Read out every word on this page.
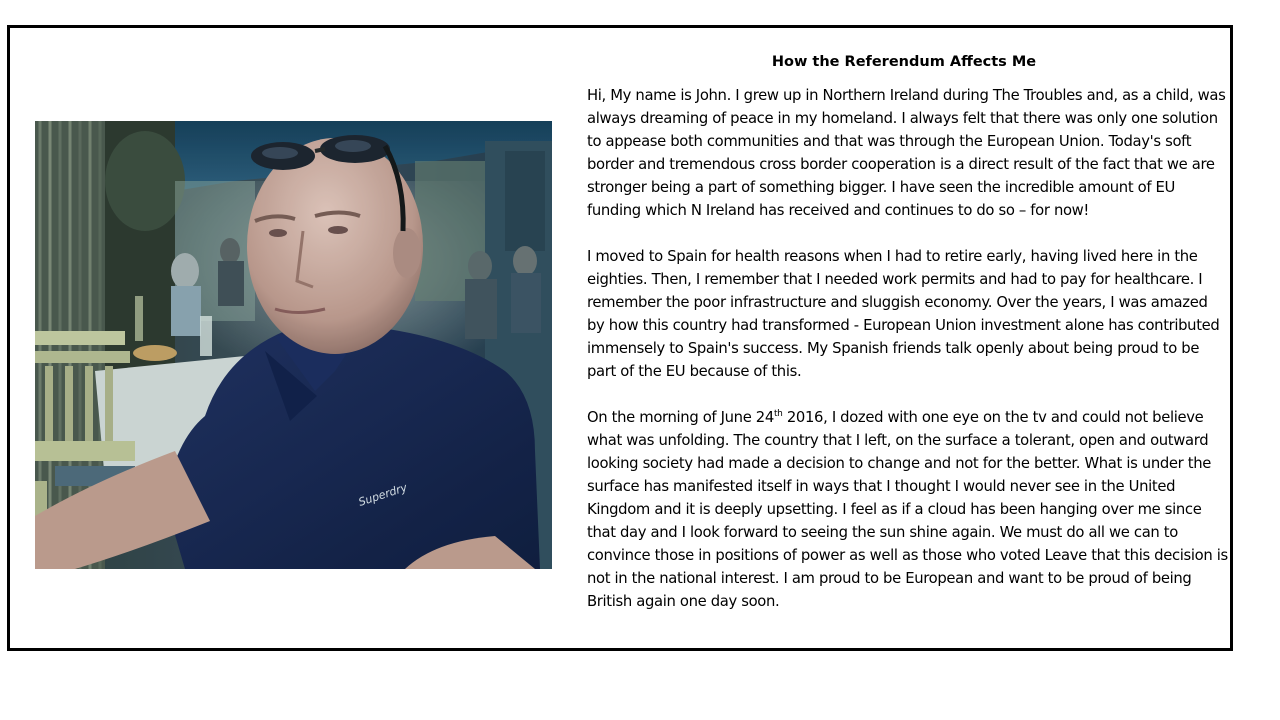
Superdry
How the Referendum Affects Me

Hi, My name is John. I grew up in Northern Ireland during The Troubles and, as a child, was always dreaming of peace in my homeland. I always felt that there was only one solution to appease both communities and that was through the European Union. Today's soft border and tremendous cross border cooperation is a direct result of the fact that we are stronger being a part of something bigger. I have seen the incredible amount of EU funding which N Ireland has received and continues to do so – for now!

I moved to Spain for health reasons when I had to retire early, having lived here in the eighties. Then, I remember that I needed work permits and had to pay for healthcare. I remember the poor infrastructure and sluggish economy. Over the years, I was amazed by how this country had transformed - European Union investment alone has contributed immensely to Spain's success. My Spanish friends talk openly about being proud to be part of the EU because of this.

On the morning of June 24th 2016, I dozed with one eye on the tv and could not believe what was unfolding. The country that I left, on the surface a tolerant, open and outward looking society had made a decision to change and not for the better. What is under the surface has manifested itself in ways that I thought I would never see in the United Kingdom and it is deeply upsetting. I feel as if a cloud has been hanging over me since that day and I look forward to seeing the sun shine again. We must do all we can to convince those in positions of power as well as those who voted Leave that this decision is not in the national interest. I am proud to be European and want to be proud of being British again one day soon.
